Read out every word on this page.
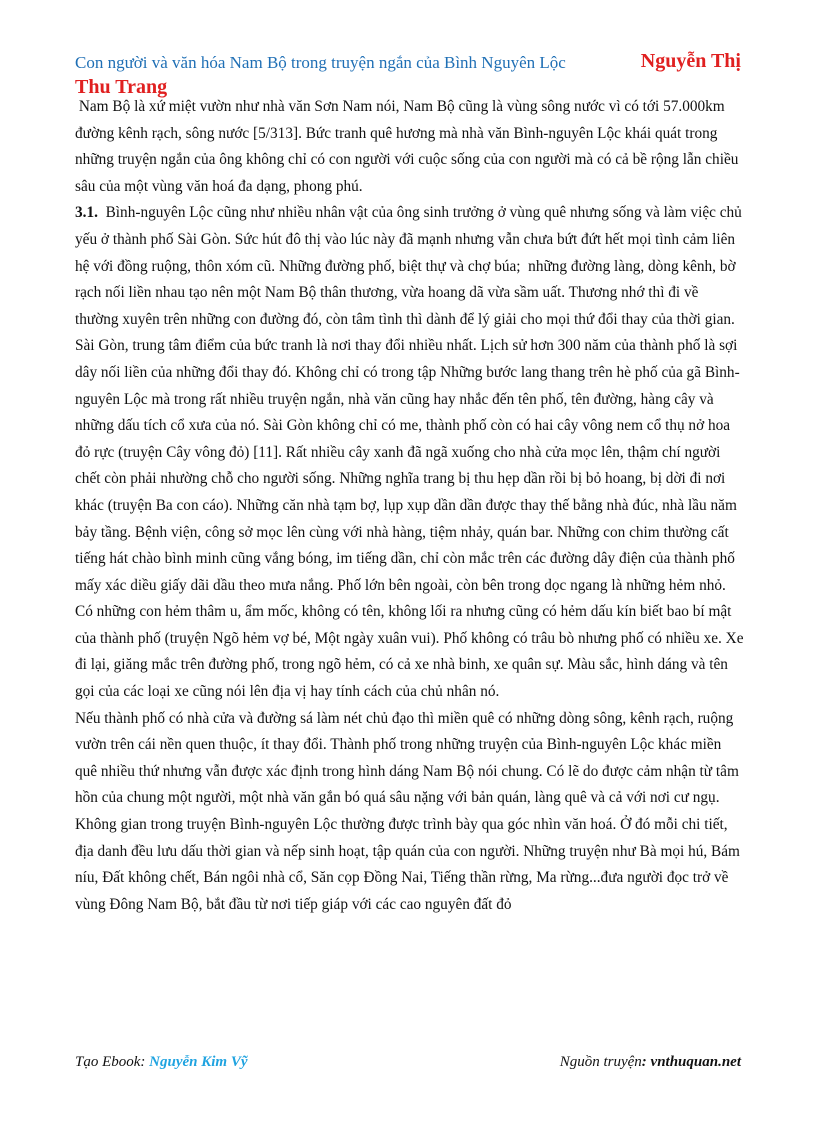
Con người và văn hóa Nam Bộ trong truyện ngắn của Bình Nguyên Lộc	Nguyễn Thị
Thu Trang

Nam Bộ là xứ miệt vườn như nhà văn Sơn Nam nói, Nam Bộ cũng là vùng sông nước vì có tới 57.000km đường kênh rạch, sông nước [5/313]. Bức tranh quê hương mà nhà văn Bình-nguyên Lộc khái quát trong những truyện ngắn của ông không chỉ có con người với cuộc sống của con người mà có cả bề rộng lẫn chiều sâu của một vùng văn hoá đa dạng, phong phú.

3.1.  Bình-nguyên Lộc cũng như nhiều nhân vật của ông sinh trưởng ở vùng quê nhưng sống và làm việc chủ yếu ở thành phố Sài Gòn. Sức hút đô thị vào lúc này đã mạnh nhưng vẫn chưa bứt đứt hết mọi tình cảm liên hệ với đồng ruộng, thôn xóm cũ. Những đường phố, biệt thự và chợ búa;  những đường làng, dòng kênh, bờ rạch nối liền nhau tạo nên một Nam Bộ thân thương, vừa hoang dã vừa sầm uất. Thương nhớ thì đi về thường xuyên trên những con đường đó, còn tâm tình thì dành để lý giải cho mọi thứ đổi thay của thời gian. Sài Gòn, trung tâm điểm của bức tranh là nơi thay đổi nhiều nhất. Lịch sử hơn 300 năm của thành phố là sợi dây nối liền của những đổi thay đó. Không chỉ có trong tập Những bước lang thang trên hè phố của gã Bình-nguyên Lộc mà trong rất nhiều truyện ngắn, nhà văn cũng hay nhắc đến tên phố, tên đường, hàng cây và những dấu tích cổ xưa của nó. Sài Gòn không chỉ có me, thành phố còn có hai cây vông nem cổ thụ nở hoa đỏ rực (truyện Cây vông đỏ) [11]. Rất nhiều cây xanh đã ngã xuống cho nhà cửa mọc lên, thậm chí người chết còn phải nhường chỗ cho người sống. Những nghĩa trang bị thu hẹp dần rồi bị bỏ hoang, bị dời đi nơi khác (truyện Ba con cáo). Những căn nhà tạm bợ, lụp xụp dần dần được thay thế bằng nhà đúc, nhà lầu năm bảy tầng. Bệnh viện, công sở mọc lên cùng với nhà hàng, tiệm nhảy, quán bar. Những con chim thường cất tiếng hát chào bình minh cũng vắng bóng, im tiếng dần, chỉ còn mắc trên các đường dây điện của thành phố mấy xác diều giấy dãi dầu theo mưa nắng. Phố lớn bên ngoài, còn bên trong dọc ngang là những hẻm nhỏ. Có những con hẻm thâm u, ẩm mốc, không có tên, không lối ra nhưng cũng có hẻm dấu kín biết bao bí mật của thành phố (truyện Ngõ hẻm vợ bé, Một ngày xuân vui). Phố không có trâu bò nhưng phố có nhiều xe. Xe đi lại, giăng mắc trên đường phố, trong ngõ hẻm, có cả xe nhà binh, xe quân sự. Màu sắc, hình dáng và tên gọi của các loại xe cũng nói lên địa vị hay tính cách của chủ nhân nó.

Nếu thành phố có nhà cửa và đường sá làm nét chủ đạo thì miền quê có những dòng sông, kênh rạch, ruộng vườn trên cái nền quen thuộc, ít thay đổi. Thành phố trong những truyện của Bình-nguyên Lộc khác miền quê nhiều thứ nhưng vẫn được xác định trong hình dáng Nam Bộ nói chung. Có lẽ do được cảm nhận từ tâm hồn của chung một người, một nhà văn gắn bó quá sâu nặng với bản quán, làng quê và cả với nơi cư ngụ.

Không gian trong truyện Bình-nguyên Lộc thường được trình bày qua góc nhìn văn hoá. Ở đó mỗi chi tiết, địa danh đều lưu dấu thời gian và nếp sinh hoạt, tập quán của con người. Những truyện như Bà mọi hú, Bám níu, Đất không chết, Bán ngôi nhà cổ, Săn cọp Đồng Nai, Tiếng thần rừng, Ma rừng...đưa người đọc trở về vùng Đông Nam Bộ, bắt đầu từ nơi tiếp giáp với các cao nguyên đất đỏ

Tạo Ebook: Nguyễn Kim Vỹ	Nguồn truyện: vnthuquan.net
